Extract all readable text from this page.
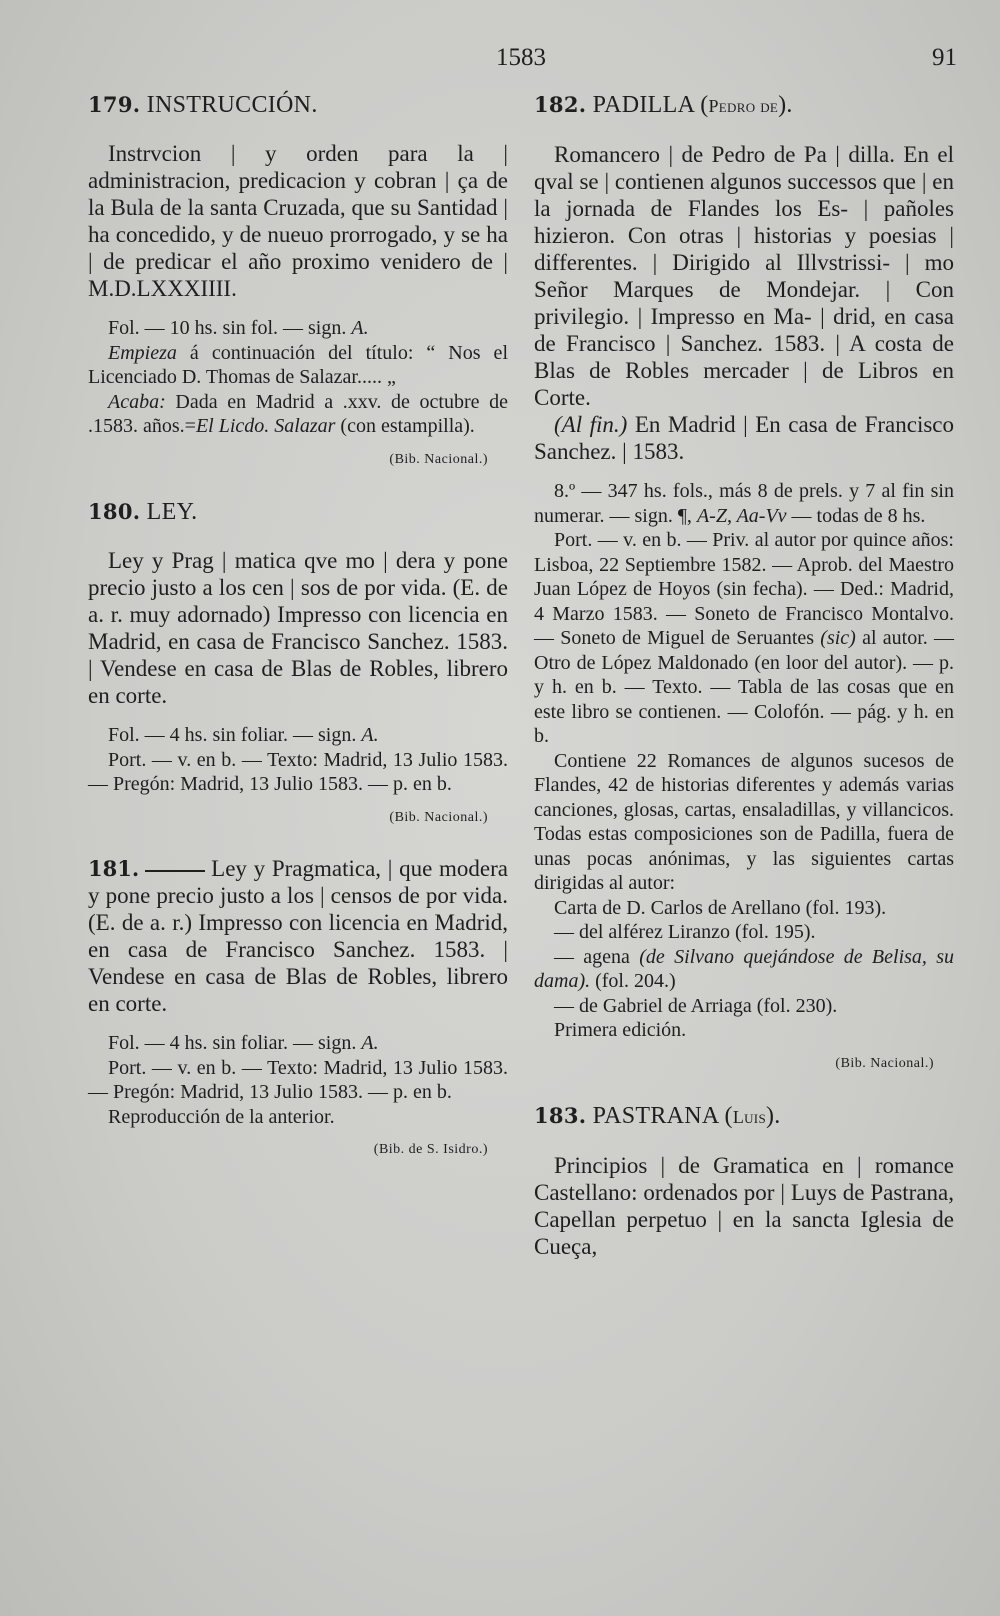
1583	91
179. INSTRUCCIÓN.

Instrvcion | y orden para la | administracion, predicacion y cobran | ça de la Bula de la santa Cruzada, que su Santidad | ha concedido, y de nueuo prorrogado, y se ha | de predicar el año proximo venidero de | M.D.LXXXIIII.

Fol. — 10 hs. sin fol. — sign. A.

Empieza á continuación del título: “ Nos el Licenciado D. Thomas de Salazar..... „

Acaba: Dada en Madrid a .xxv. de octubre de .1583. años.=El Licdo. Salazar (con estampilla).

(Bib. Nacional.)
180. LEY.

Ley y Prag | matica qve mo | dera y pone precio justo a los cen | sos de por vida. (E. de a. r. muy adornado) Impresso con licencia en Madrid, en casa de Francisco Sanchez. 1583. | Vendese en casa de Blas de Robles, librero en corte.

Fol. — 4 hs. sin foliar. — sign. A.

Port. — v. en b. — Texto: Madrid, 13 Julio 1583. — Pregón: Madrid, 13 Julio 1583. — p. en b.

(Bib. Nacional.)

181.	Ley y Pragmatica, | que modera y pone precio justo a los | censos de por vida. (E. de a. r.) Impresso con licencia en Madrid, en casa de Francisco Sanchez. 1583. | Vendese en casa de Blas de Robles, librero en corte.

Fol. — 4 hs. sin foliar. — sign. A.

Port. — v. en b. — Texto: Madrid, 13 Julio 1583. — Pregón: Madrid, 13 Julio 1583. — p. en b.

Reproducción de la anterior.

(Bib. de S. Isidro.)
182. PADILLA (Pedro de).

Romancero | de Pedro de Pa | dilla. En el qval se | contienen algunos successos que | en la jornada de Flandes los Es- | pañoles hizieron. Con otras | historias y poesias | differentes. | Dirigido al Illvstrissi- | mo Señor Marques de Mondejar. | Con privilegio. | Impresso en Ma- | drid, en casa de Francisco | Sanchez. 1583. | A costa de Blas de Robles mercader | de Libros en Corte.

(Al fin.) En Madrid | En casa de Francisco Sanchez. | 1583.

8.º — 347 hs. fols., más 8 de prels. y 7 al fin sin numerar. — sign. ¶, A-Z, Aa-Vv — todas de 8 hs.

Port. — v. en b. — Priv. al autor por quince años: Lisboa, 22 Septiembre 1582. — Aprob. del Maestro Juan López de Hoyos (sin fecha). — Ded.: Madrid, 4 Marzo 1583. — Soneto de Francisco Montalvo. — Soneto de Miguel de Seruantes (sic) al autor. — Otro de López Maldonado (en loor del autor). — p. y h. en b. — Texto. — Tabla de las cosas que en este libro se contienen. — Colofón. — pág. y h. en b.

Contiene 22 Romances de algunos sucesos de Flandes, 42 de historias diferentes y además varias canciones, glosas, cartas, ensaladillas, y villancicos. Todas estas composiciones son de Padilla, fuera de unas pocas anónimas, y las siguientes cartas dirigidas al autor:

Carta de D. Carlos de Arellano (fol. 193).

— del alférez Liranzo (fol. 195).

— agena (de Silvano quejándose de Belisa, su dama). (fol. 204.)

— de Gabriel de Arriaga (fol. 230).

Primera edición.

(Bib. Nacional.)
183. PASTRANA (Luis).

Principios | de Gramatica en | romance Castellano: ordenados por | Luys de Pastrana, Capellan perpetuo | en la sancta Iglesia de Cueça,
